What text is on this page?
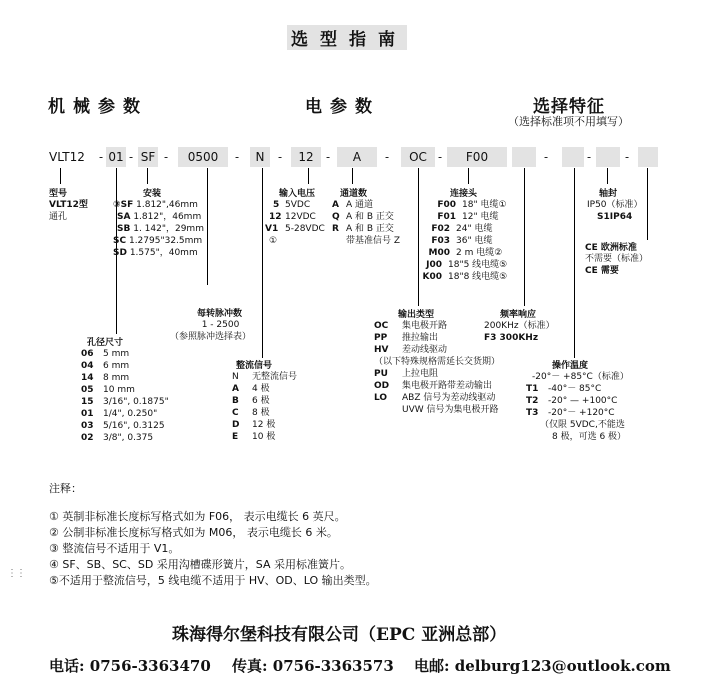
选型指南
机械参数	电参数	选择特征
（选择标准项不用填写）
VLT12	01
-	SF
-	0500
-	N
-	12
-	A
-	OC
-	F00
-	-	-	-
型号
VLT12型
通孔
安装
③SF 1.812",46mm
SA 1.812"，46mm
SB 1. 142"，29mm
SC 1.2795"32.5mm
SD 1.575"，40mm
孔径尺寸
06 5 mm
04 6 mm
14 8 mm
05 10 mm
15 3/16", 0.1875"
01 1/4", 0.250"
03 5/16", 0.3125
02 3/8", 0.375
每转脉冲数
1 - 2500
（参照脉冲选择表）
输入电压
5 5VDC
12 12VDC
V1 5-28VDC
①
通道数
A A 通道
Q A 和 B 正交
R A 和 B 正交
带基准信号 Z
整流信号
N 无整流信号
A 4 极
B 6 极
C 8 极
D 12 极
E 10 极
连接头
F00 18" 电缆①
F01 12" 电缆
F02 24" 电缆
F03 36" 电缆
M00 2 m 电缆②
J00 18"5 线电缆⑤
K00 18"8 线电缆⑤
输出类型
OC 集电极开路
PP 推拉输出
HV 差动线驱动
（以下特殊规格需延长交货期）
PU 上拉电阻
OD 集电极开路带差动输出
LO ABZ 信号为差动线驱动
UVW 信号为集电极开路
频率响应
200KHz（标准）
F3 300KHz
轴封
IP50（标准）
S1IP64
CE 欧洲标准
不需要（标准）
CE 需要
操作温度
-20°－ +85°C（标准）
T1 -40°－ 85°C
T2 -20° — +100°C
T3 -20°－ +120°C
（仅限 5VDC,不能选
8 极，可选 6 极）
注释：
① 英制非标准长度标写格式如为 F06， 表示电缆长 6 英尺。
② 公制非标准长度标写格式如为 M06， 表示电缆长 6 米。
③ 整流信号不适用于 V1。
④ SF、SB、SC、SD 采用沟槽碟形簧片，SA 采用标准簧片。
⑤不适用于整流信号，5 线电缆不适用于 HV、OD、LO 输出类型。
⋮⋮
珠海得尔堡科技有限公司（EPC 亚洲总部）
电话: 0756-3363470 传真: 0756-3363573 电邮: delburg123@outlook.com
